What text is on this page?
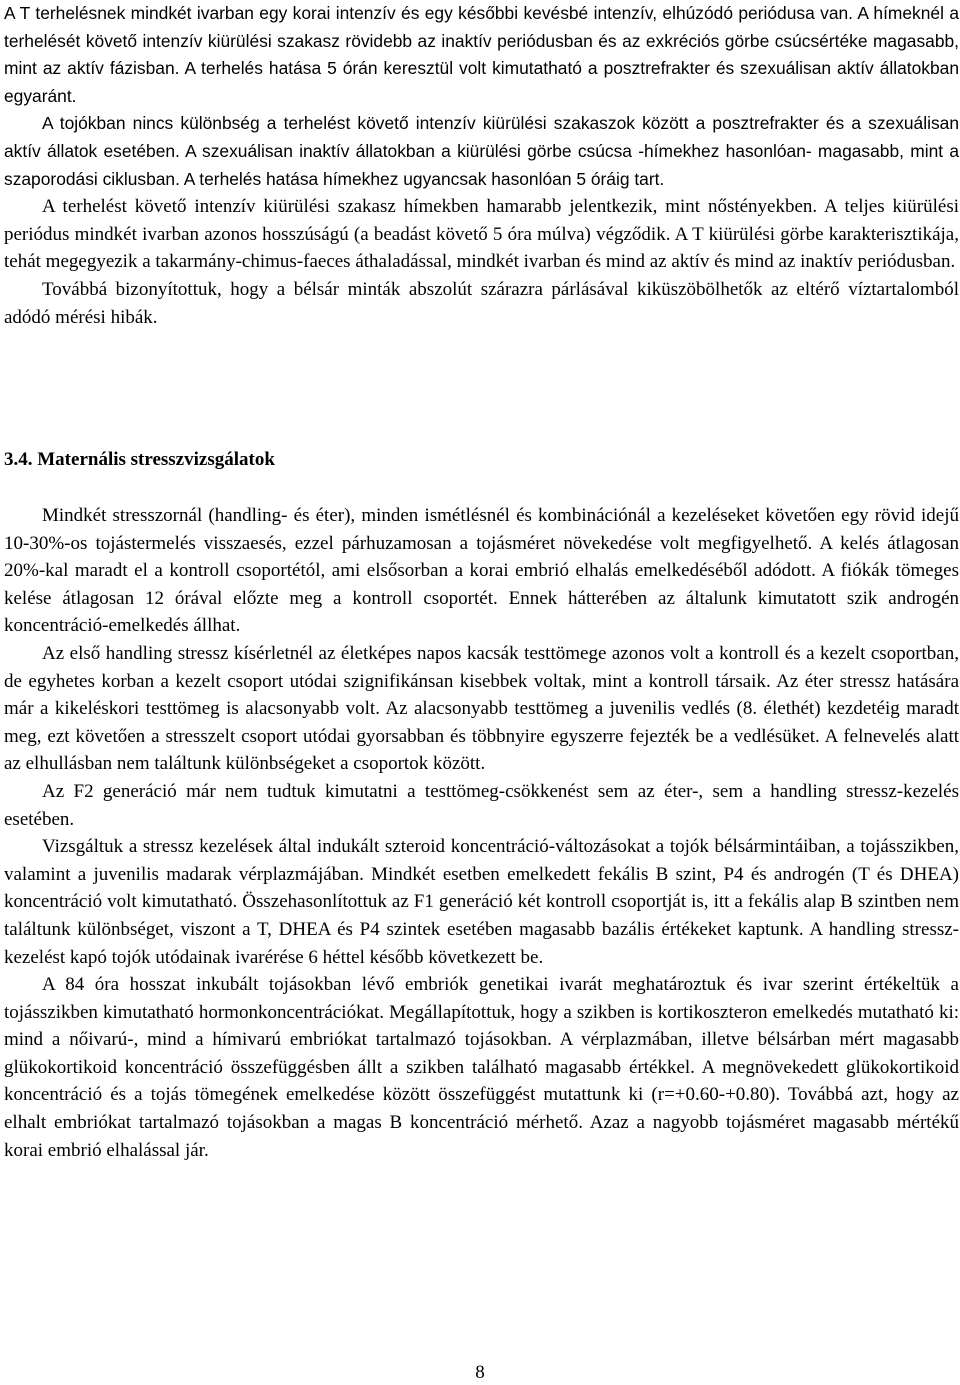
A T terhelésnek mindkét ivarban egy korai intenzív és egy későbbi kevésbé intenzív, elhúzódó periódusa van. A hímeknél a terhelését követő intenzív kiürülési szakasz rövidebb az inaktív periódusban és az exkréciós görbe csúcsértéke magasabb, mint az aktív fázisban. A terhelés hatása 5 órán keresztül volt kimutatható a posztrefrakter és szexuálisan aktív állatokban egyaránt.

A tojókban nincs különbség a terhelést követő intenzív kiürülési szakaszok között a posztrefrakter és a szexuálisan aktív állatok esetében. A szexuálisan inaktív állatokban a kiürülési görbe csúcsa -hímekhez hasonlóan- magasabb, mint a szaporodási ciklusban. A terhelés hatása hímekhez ugyancsak hasonlóan 5 óráig tart.

A terhelést követő intenzív kiürülési szakasz hímekben hamarabb jelentkezik, mint nőstényekben. A teljes kiürülési periódus mindkét ivarban azonos hosszúságú (a beadást követő 5 óra múlva) végződik. A T kiürülési görbe karakterisztikája, tehát megegyezik a takarmány-chimus-faeces áthaladással, mindkét ivarban és mind az aktív és mind az inaktív periódusban.

Továbbá bizonyítottuk, hogy a bélsár minták abszolút szárazra párlásával kiküszöbölhetők az eltérő víztartalomból adódó mérési hibák.

3.4. Maternális stresszvizsgálatok

Mindkét stresszornál (handling- és éter), minden ismétlésnél és kombinációnál a kezeléseket követően egy rövid idejű 10-30%-os tojástermelés visszaesés, ezzel párhuzamosan a tojásméret növekedése volt megfigyelhető. A kelés átlagosan 20%-kal maradt el a kontroll csoportétól, ami elsősorban a korai embrió elhalás emelkedéséből adódott. A fiókák tömeges kelése átlagosan 12 órával előzte meg a kontroll csoportét. Ennek hátterében az általunk kimutatott szik androgén koncentráció-emelkedés állhat.

Az első handling stressz kísérletnél az életképes napos kacsák testtömege azonos volt a kontroll és a kezelt csoportban, de egyhetes korban a kezelt csoport utódai szignifikánsan kisebbek voltak, mint a kontroll társaik. Az éter stressz hatására már a kikeléskori testtömeg is alacsonyabb volt. Az alacsonyabb testtömeg a juvenilis vedlés (8. élethét) kezdetéig maradt meg, ezt követően a stresszelt csoport utódai gyorsabban és többnyire egyszerre fejezték be a vedlésüket. A felnevelés alatt az elhullásban nem találtunk különbségeket a csoportok között.

Az F2 generáció már nem tudtuk kimutatni a testtömeg-csökkenést sem az éter-, sem a handling stressz-kezelés esetében.

Vizsgáltuk a stressz kezelések által indukált szteroid koncentráció-változásokat a tojók bélsármintáiban, a tojásszikben, valamint a juvenilis madarak vérplazmájában. Mindkét esetben emelkedett fekális B szint, P4 és androgén (T és DHEA) koncentráció volt kimutatható. Összehasonlítottuk az F1 generáció két kontroll csoportját is, itt a fekális alap B szintben nem találtunk különbséget, viszont a T, DHEA és P4 szintek esetében magasabb bazális értékeket kaptunk. A handling stressz-kezelést kapó tojók utódainak ivarérése 6 héttel később következett be.

A 84 óra hosszat inkubált tojásokban lévő embriók genetikai ivarát meghatároztuk és ivar szerint értékeltük a tojásszikben kimutatható hormonkoncentrációkat. Megállapítottuk, hogy a szikben is kortikoszteron emelkedés mutatható ki: mind a nőivarú-, mind a hímivarú embriókat tartalmazó tojásokban. A vérplazmában, illetve bélsárban mért magasabb glükokortikoid koncentráció összefüggésben állt a szikben található magasabb értékkel. A megnövekedett glükokortikoid koncentráció és a tojás tömegének emelkedése között összefüggést mutattunk ki (r=+0.60-+0.80). Továbbá azt, hogy az elhalt embriókat tartalmazó tojásokban a magas B koncentráció mérhető. Azaz a nagyobb tojásméret magasabb mértékű korai embrió elhalással jár.

8
